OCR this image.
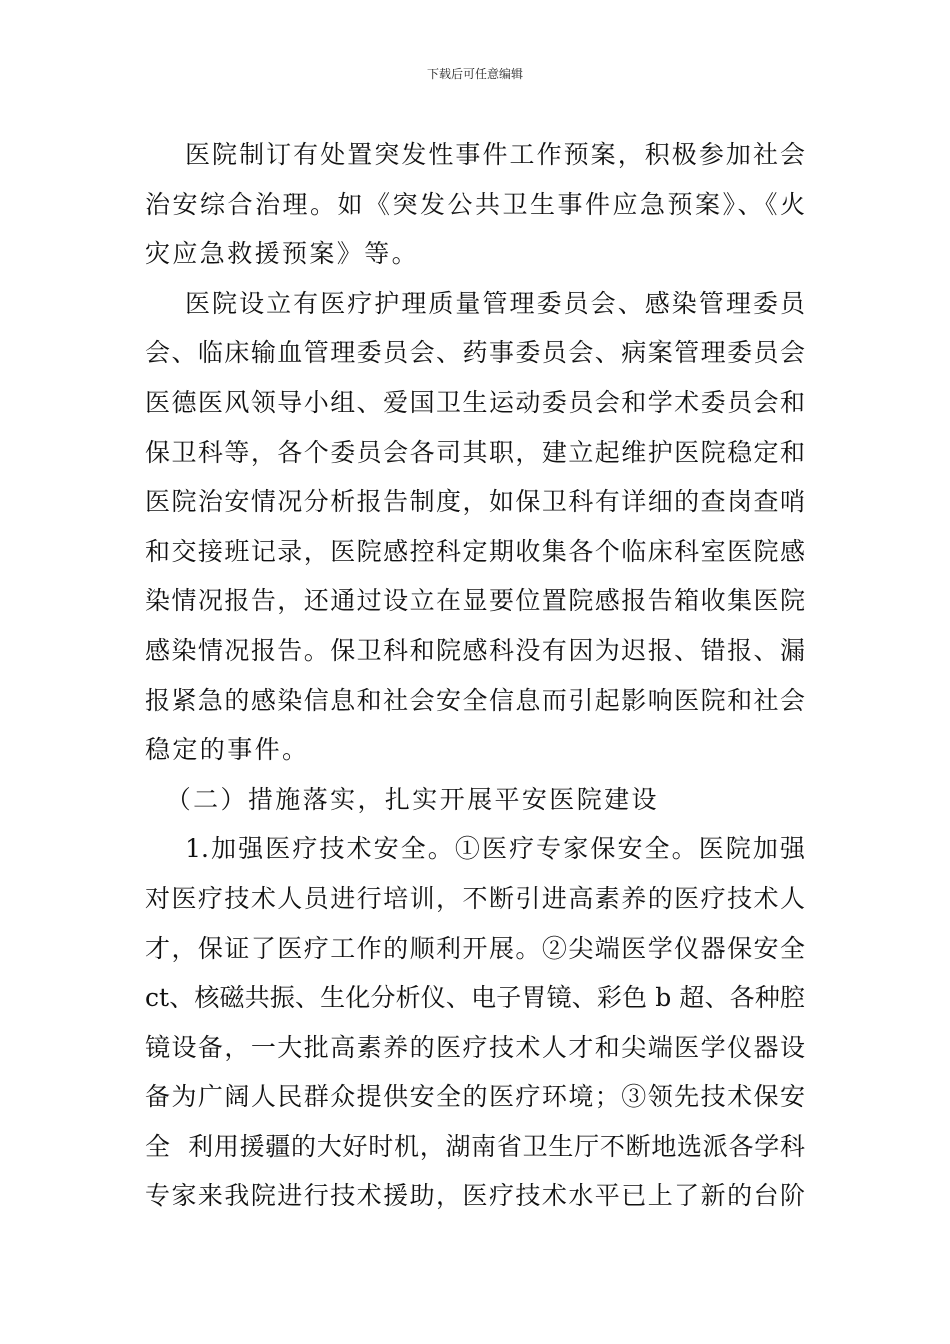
下载后可任意编辑
医院制订有处置突发性事件工作预案，积极参加社会
治安综合治理。如《突发公共卫生事件应急预案》、《火
灾应急救援预案》等。
医院设立有医疗护理质量管理委员会、感染管理委员
会、临床输血管理委员会、药事委员会、病案管理委员会
医德医风领导小组、爱国卫生运动委员会和学术委员会和
保卫科等，各个委员会各司其职，建立起维护医院稳定和
医院治安情况分析报告制度，如保卫科有详细的查岗查哨
和交接班记录，医院感控科定期收集各个临床科室医院感
染情况报告，还通过设立在显要位置院感报告箱收集医院
感染情况报告。保卫科和院感科没有因为迟报、错报、漏
报紧急的感染信息和社会安全信息而引起影响医院和社会
稳定的事件。
（二）措施落实，扎实开展平安医院建设
1.加强医疗技术安全。①医疗专家保安全。医院加强
对医疗技术人员进行培训，不断引进高素养的医疗技术人
才，保证了医疗工作的顺利开展。②尖端医学仪器保安全
ct、核磁共振、生化分析仪、电子胃镜、彩色 b 超、各种腔
镜设备，一大批高素养的医疗技术人才和尖端医学仪器设
备为广阔人民群众提供安全的医疗环境；③领先技术保安
全  利用援疆的大好时机，湖南省卫生厅不断地选派各学科
专家来我院进行技术援助，医疗技术水平已上了新的台阶
